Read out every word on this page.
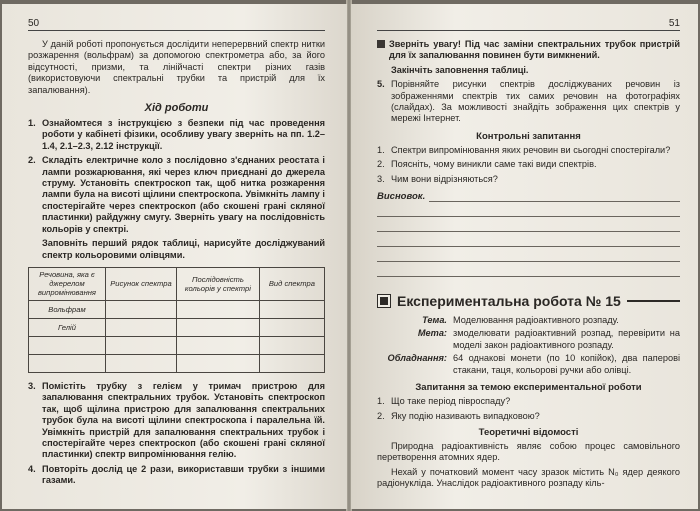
50

У даній роботі пропонується дослідити неперервний спектр нитки розжарення (вольфрам) за допомогою спектрометра або, за його відсутності, призми, та лінійчасті спектри різних газів (використовуючи спектральні трубки та пристрій для їх запалювання).

Хід роботи
1. Ознайомтеся з інструкцією з безпеки під час проведення роботи у кабінеті фізики, особливу увагу зверніть на пп. 1.2–1.4, 2.1–2.3, 2.12 інструкції.
2. Складіть електричне коло з послідовно з'єднаних реостата і лампи розжарювання, які через ключ приєднані до джерела струму. Установіть спектроскоп так, щоб нитка розжарення лампи була на висоті щілини спектроскопа. Увімкніть лампу і спостерігайте через спектроскоп (або скошені грані скляної пластинки) райдужну смугу. Зверніть увагу на послідовність кольорів у спектрі.

Заповніть перший рядок таблиці, нарисуйте досліджуваний спектр кольоровими олівцями.

Речовина, яка є джерелом випромінювання	Рисунок спектра	Послідовність кольорів у спектрі	Вид спектра
Вольфрам			
Гелій			

3. Помістіть трубку з гелієм у тримач пристрою для запалювання спектральних трубок. Установіть спектроскоп так, щоб щілина пристрою для запалювання спектральних трубок була на висоті щілини спектроскопа і паралельна їй. Увімкніть пристрій для запалювання спектральних трубок і спостерігайте через спектроскоп (або скошені грані скляної пластинки) спектр випромінювання гелію.
4. Повторіть дослід це 2 рази, використавши трубки з іншими газами.
51

Зверніть увагу! Під час заміни спектральних трубок пристрій для їх запалювання повинен бути вимкнений.

Закінчіть заповнення таблиці.

5. Порівняйте рисунки спектрів досліджуваних речовин із зображеннями спектрів тих самих речовин на фотографіях (слайдах). За можливості знайдіть зображення цих спектрів у мережі Інтернет.
Контрольні запитання
1. Спектри випромінювання яких речовин ви сьогодні спостерігали?
2. Поясніть, чому виникли саме такі види спектрів.
3. Чим вони відрізняються?
Висновок.
Експериментальна робота № 15
Тема. Моделювання радіоактивного розпаду.
Мета: змоделювати радіоактивний розпад, перевірити на моделі закон радіоактивного розпаду.
Обладнання: 64 однакові монети (по 10 копійок), два паперові стакани, таця, кольорові ручки або олівці.
Запитання за темою експериментальної роботи
1. Що таке період півроспаду?
2. Яку подію називають випадковою?
Теоретичні відомості

Природна радіоактивність являє собою процес самовільного перетворення атомних ядер.

Нехай у початковий момент часу зразок містить N₀ ядер деякого радіонукліда. Унаслідок радіоактивного розпаду кіль-
